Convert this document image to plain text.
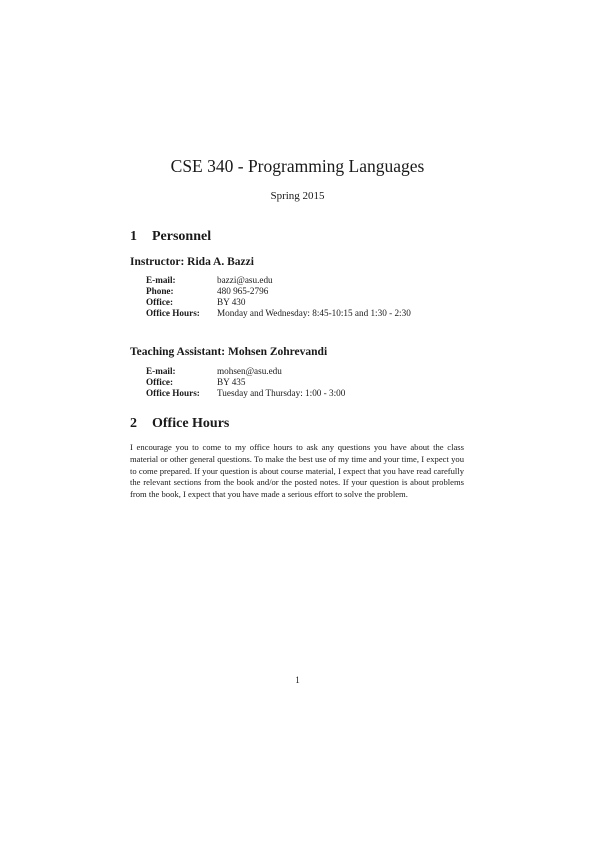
CSE 340 - Programming Languages
Spring 2015
1 Personnel
Instructor: Rida A. Bazzi
E-mail:	bazzi@asu.edu
Phone:	480 965-2796
Office:	BY 430
Office Hours:	Monday and Wednesday: 8:45-10:15 and 1:30 - 2:30
Teaching Assistant: Mohsen Zohrevandi
E-mail:	mohsen@asu.edu
Office:	BY 435
Office Hours:	Tuesday and Thursday: 1:00 - 3:00
2 Office Hours
I encourage you to come to my office hours to ask any questions you have about the class material or other general questions. To make the best use of my time and your time, I expect you to come prepared. If your question is about course material, I expect that you have read carefully the relevant sections from the book and/or the posted notes. If your question is about problems from the book, I expect that you have made a serious effort to solve the problem.
1
